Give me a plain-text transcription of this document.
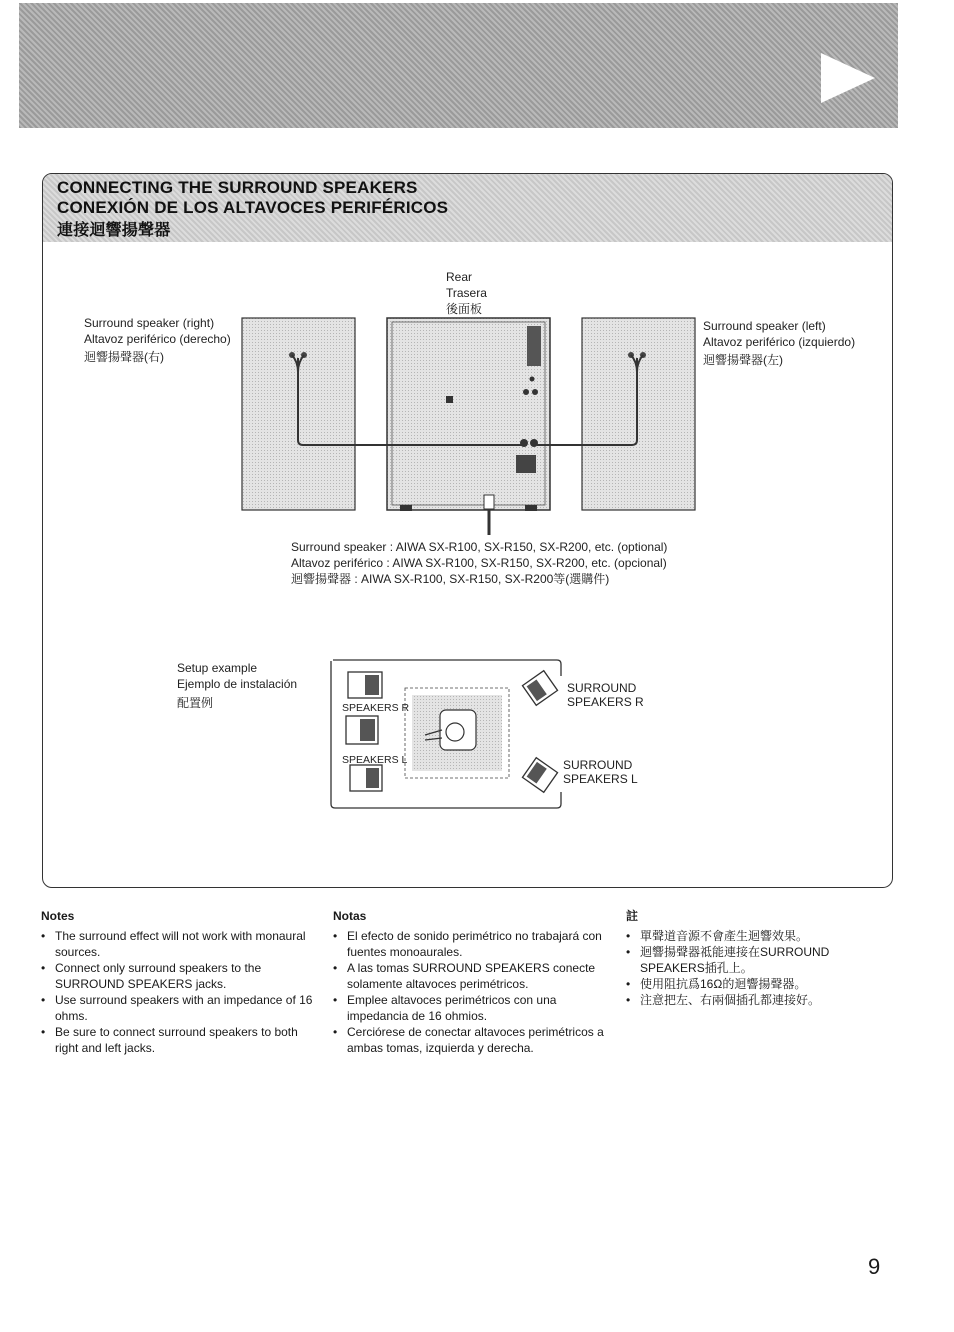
CONNECTING THE SURROUND SPEAKERS
CONEXIÓN DE LOS ALTAVOCES PERIFÉRICOS
連接迴響揚聲器
Rear
Trasera
後面板
Surround speaker (right)
Altavoz periférico (derecho)
迴響揚聲器(右)
Surround speaker (left)
Altavoz periférico (izquierdo)
迴響揚聲器(左)
Surround speaker : AIWA SX-R100, SX-R150, SX-R200, etc. (optional)
Altavoz periférico : AIWA SX-R100, SX-R150, SX-R200, etc. (opcional)
迴響揚聲器 : AIWA SX-R100, SX-R150, SX-R200等(選購件)
Setup example
Ejemplo de instalación
配置例	SPEAKERS R
SPEAKERS L
SURROUND
SPEAKERS R
SURROUND
SPEAKERS L
Notes
• The surround effect will not work with monaural sources.
• Connect only surround speakers to the SURROUND SPEAKERS jacks.
• Use surround speakers with an impedance of 16 ohms.
• Be sure to connect surround speakers to both right and left jacks.
Notas
• El efecto de sonido perimétrico no trabajará con fuentes monoaurales.
• A las tomas SURROUND SPEAKERS conecte solamente altavoces perimétricos.
• Emplee altavoces perimétricos con una impedancia de 16 ohmios.
• Cerciórese de conectar altavoces perimétricos a ambas tomas, izquierda y derecha.
註
• 單聲道音源不會產生迴響效果。
• 迴響揚聲器祗能連接在SURROUND SPEAKERS插孔上。
• 使用阻抗爲16Ω的迴響揚聲器。
• 注意把左、右兩個插孔都連接好。
9
